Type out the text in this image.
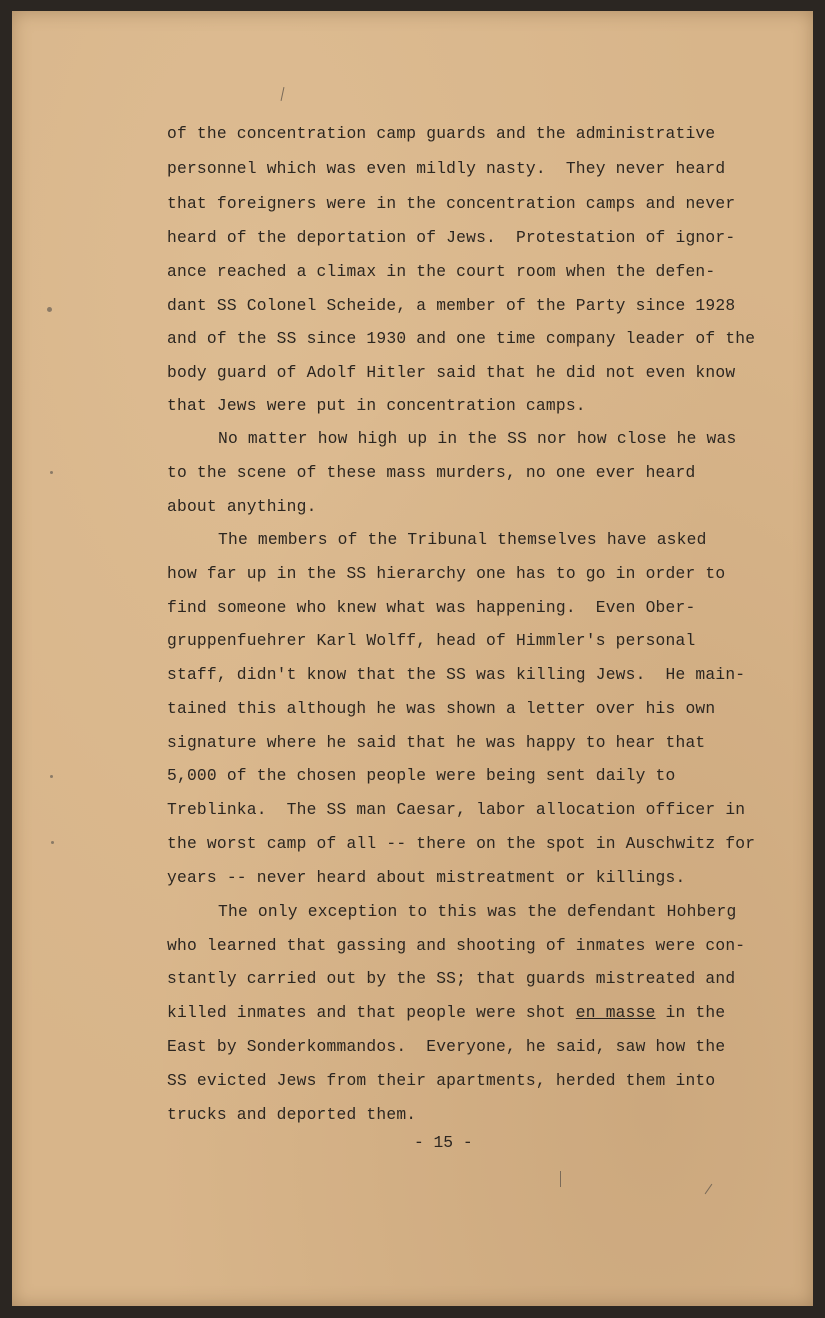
of the concentration camp guards and the administrative

personnel which was even mildly nasty.  They never heard

that foreigners were in the concentration camps and never

heard of the deportation of Jews.  Protestation of ignor-

ance reached a climax in the court room when the defen-

dant SS Colonel Scheide, a member of the Party since 1928

and of the SS since 1930 and one time company leader of the

body guard of Adolf Hitler said that he did not even know

that Jews were put in concentration camps.

No matter how high up in the SS nor how close he was

to the scene of these mass murders, no one ever heard

about anything.

The members of the Tribunal themselves have asked

how far up in the SS hierarchy one has to go in order to

find someone who knew what was happening.  Even Ober-

gruppenfuehrer Karl Wolff, head of Himmler's personal

staff, didn't know that the SS was killing Jews.  He main-

tained this although he was shown a letter over his own

signature where he said that he was happy to hear that

5,000 of the chosen people were being sent daily to

Treblinka.  The SS man Caesar, labor allocation officer in

the worst camp of all -- there on the spot in Auschwitz for

years -- never heard about mistreatment or killings.

The only exception to this was the defendant Hohberg

who learned that gassing and shooting of inmates were con-

stantly carried out by the SS; that guards mistreated and

killed inmates and that people were shot en masse in the

East by Sonderkommandos.  Everyone, he said, saw how the

SS evicted Jews from their apartments, herded them into

trucks and deported them.

- 15 -
